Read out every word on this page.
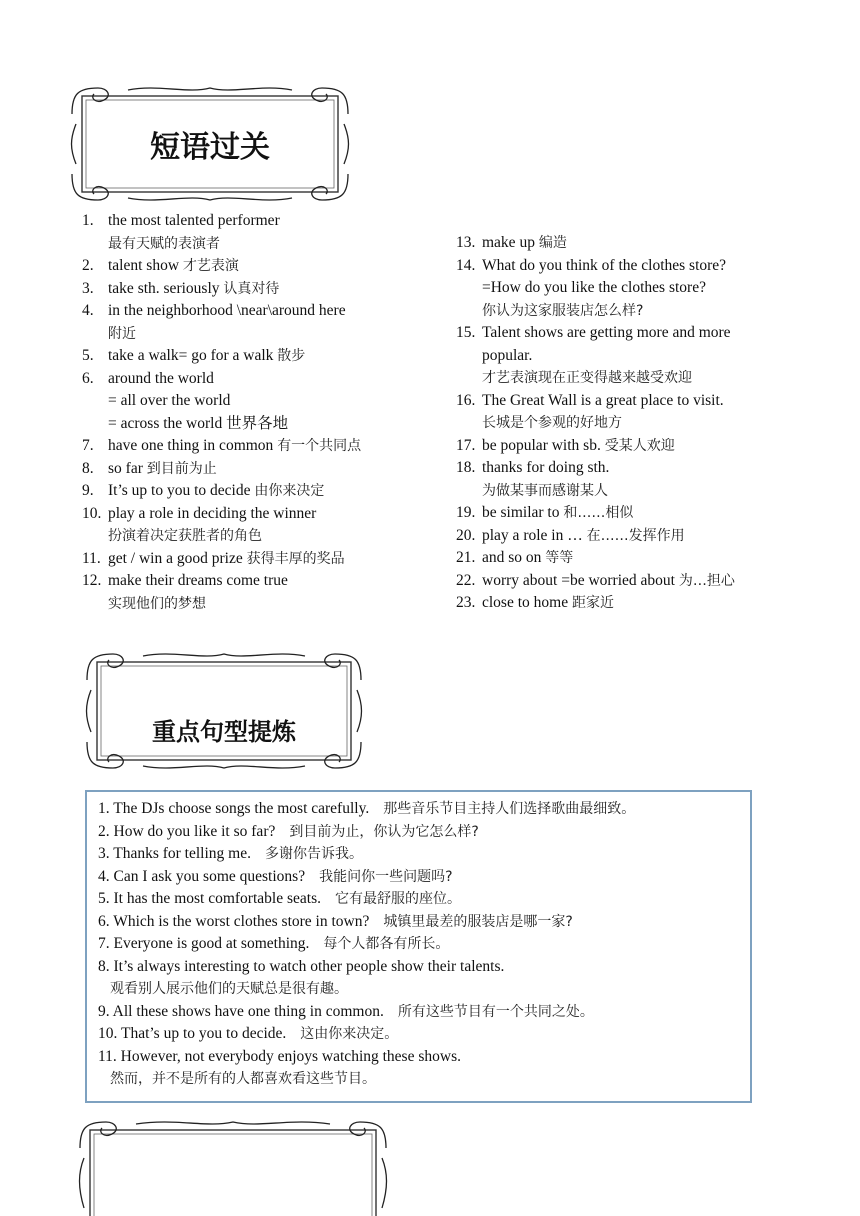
短语过关
1. the most talented performer
最有天赋的表演者
2. talent show 才艺表演
3. take sth. seriously 认真对待
4. in the neighborhood \near\around here
附近
5. take a walk= go for a walk 散步
6. around the world
= all over the world
= across the world 世界各地
7. have one thing in common 有一个共同点
8. so far 到目前为止
9. It’s up to you to decide 由你来决定
10. play a role in deciding the winner
扮演着决定获胜者的角色
11. get / win a good prize 获得丰厚的奖品
12. make their dreams come true
实现他们的梦想
13. make up 编造
14. What do you think of the clothes store?
=How do you like the clothes store?
你认为这家服装店怎么样?
15. Talent shows are getting more and more
popular.
才艺表演现在正变得越来越受欢迎
16. The Great Wall is a great place to visit.
长城是个参观的好地方
17. be popular with sb. 受某人欢迎
18. thanks for doing sth.
为做某事而感谢某人
19. be similar to 和……相似
20. play a role in … 在……发挥作用
21. and so on 等等
22. worry about =be worried about 为…担心
23. close to home 距家近
重点句型提炼
1. The DJs choose songs the most carefully. 那些音乐节目主持人们选择歌曲最细致。
2. How do you like it so far? 到目前为止，你认为它怎么样?
3. Thanks for telling me. 多谢你告诉我。
4. Can I ask you some questions? 我能问你一些问题吗?
5. It has the most comfortable seats. 它有最舒服的座位。
6. Which is the worst clothes store in town? 城镇里最差的服装店是哪一家?
7. Everyone is good at something. 每个人都各有所长。
8. It’s always interesting to watch other people show their talents.
观看别人展示他们的天赋总是很有趣。
9. All these shows have one thing in common. 所有这些节目有一个共同之处。
10. That’s up to you to decide. 这由你来决定。
11. However, not everybody enjoys watching these shows.
然而，并不是所有的人都喜欢看这些节目。
